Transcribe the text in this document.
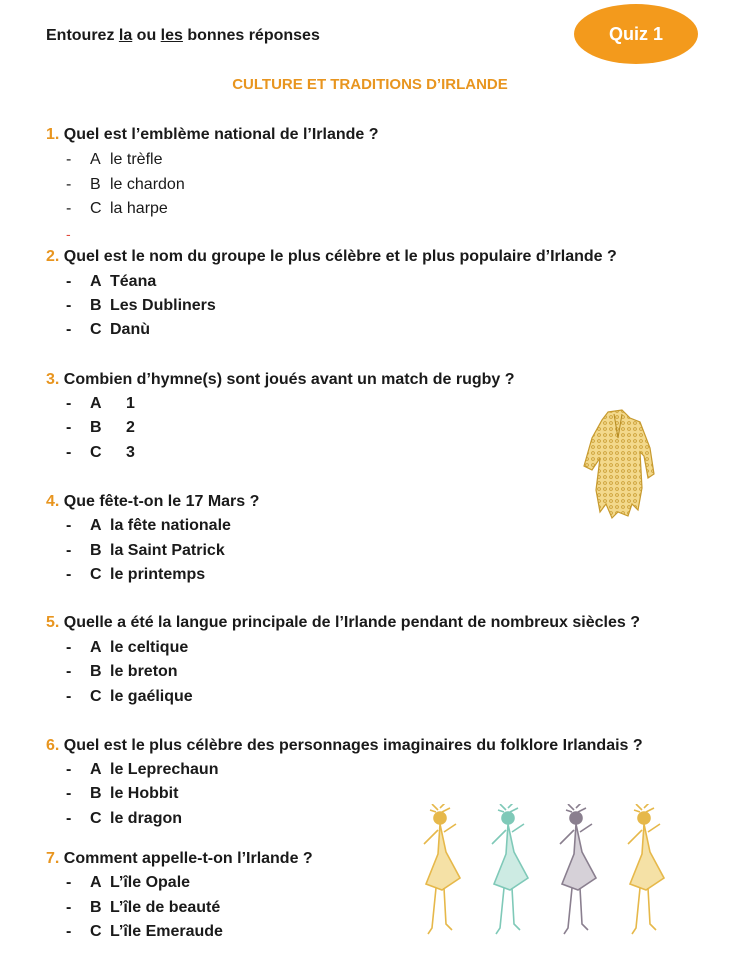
Entourez la ou les bonnes réponses	Quiz 1
CULTURE ET TRADITIONS D’IRLANDE
1. Quel est l’emblème national de l’Irlande ?
- A le trèfle
- B le chardon
- C la harpe
-
2. Quel est le nom du groupe le plus célèbre et le plus populaire d’Irlande ?
- A Téana
- B Les Dubliners
- C Danù
3. Combien d’hymne(s) sont joués avant un match de rugby ?
- A 1
- B 2
- C 3
4. Que fête-t-on le 17 Mars ?
- A la fête nationale
- B la Saint Patrick
- C le printemps
5. Quelle a été la langue principale de l’Irlande pendant de nombreux siècles ?
- A le celtique
- B le breton
- C le gaélique
6. Quel est le plus célèbre des personnages imaginaires du folklore Irlandais ?
- A le Leprechaun
- B le Hobbit
- C le dragon
7. Comment appelle-t-on l’Irlande ?
- A L’île Opale
- B L’île de beauté
- C L’île Emeraude
